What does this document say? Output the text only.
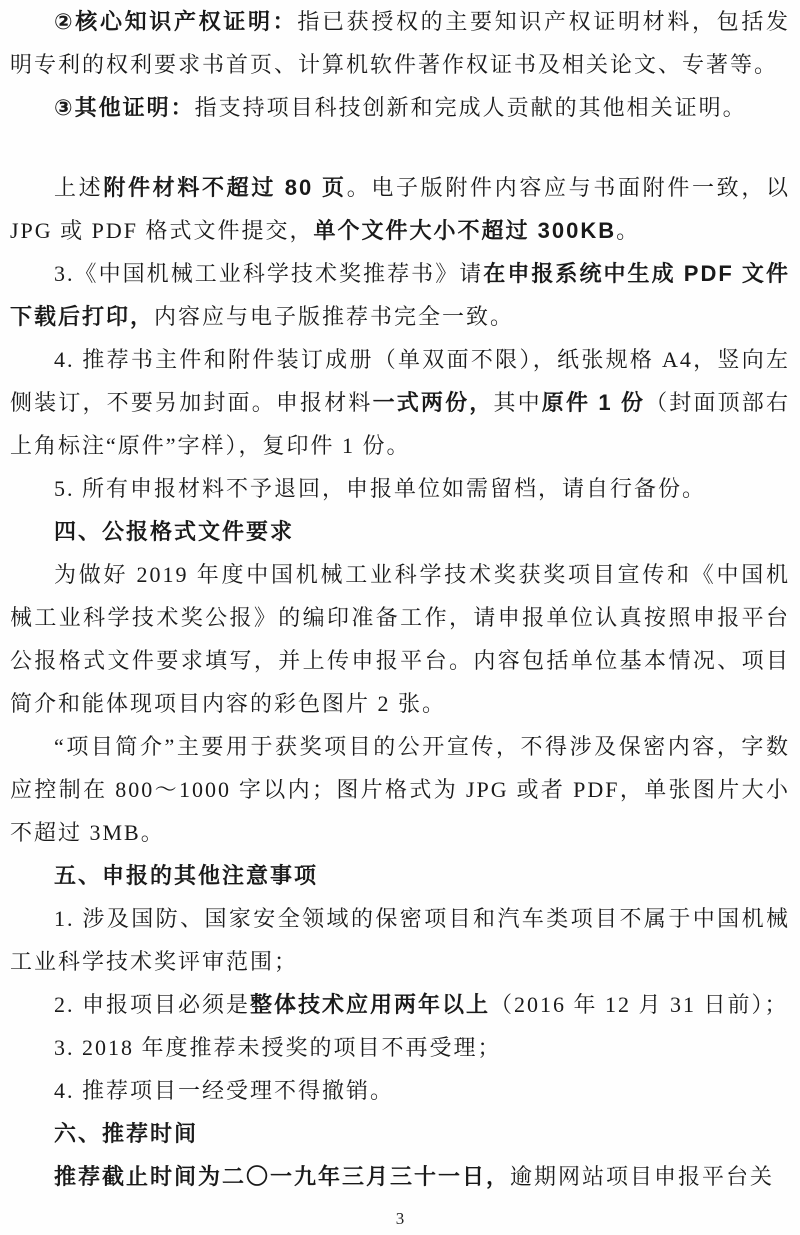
②核心知识产权证明：指已获授权的主要知识产权证明材料，包括发明专利的权利要求书首页、计算机软件著作权证书及相关论文、专著等。

③其他证明：指支持项目科技创新和完成人贡献的其他相关证明。

上述附件材料不超过 80 页。电子版附件内容应与书面附件一致，以 JPG 或 PDF 格式文件提交，单个文件大小不超过 300KB。

3.《中国机械工业科学技术奖推荐书》请在申报系统中生成 PDF 文件下载后打印，内容应与电子版推荐书完全一致。

4. 推荐书主件和附件装订成册（单双面不限），纸张规格 A4，竖向左侧装订，不要另加封面。申报材料一式两份，其中原件 1 份（封面顶部右上角标注“原件”字样），复印件 1 份。

5. 所有申报材料不予退回，申报单位如需留档，请自行备份。

四、公报格式文件要求

为做好 2019 年度中国机械工业科学技术奖获奖项目宣传和《中国机械工业科学技术奖公报》的编印准备工作，请申报单位认真按照申报平台公报格式文件要求填写，并上传申报平台。内容包括单位基本情况、项目简介和能体现项目内容的彩色图片 2 张。

“项目简介”主要用于获奖项目的公开宣传，不得涉及保密内容，字数应控制在 800～1000 字以内；图片格式为 JPG 或者 PDF，单张图片大小不超过 3MB。

五、申报的其他注意事项

1. 涉及国防、国家安全领域的保密项目和汽车类项目不属于中国机械工业科学技术奖评审范围；

2. 申报项目必须是整体技术应用两年以上（2016 年 12 月 31 日前）；

3. 2018 年度推荐未授奖的项目不再受理；

4. 推荐项目一经受理不得撤销。

六、推荐时间

推荐截止时间为二〇一九年三月三十一日，逾期网站项目申报平台关

3
